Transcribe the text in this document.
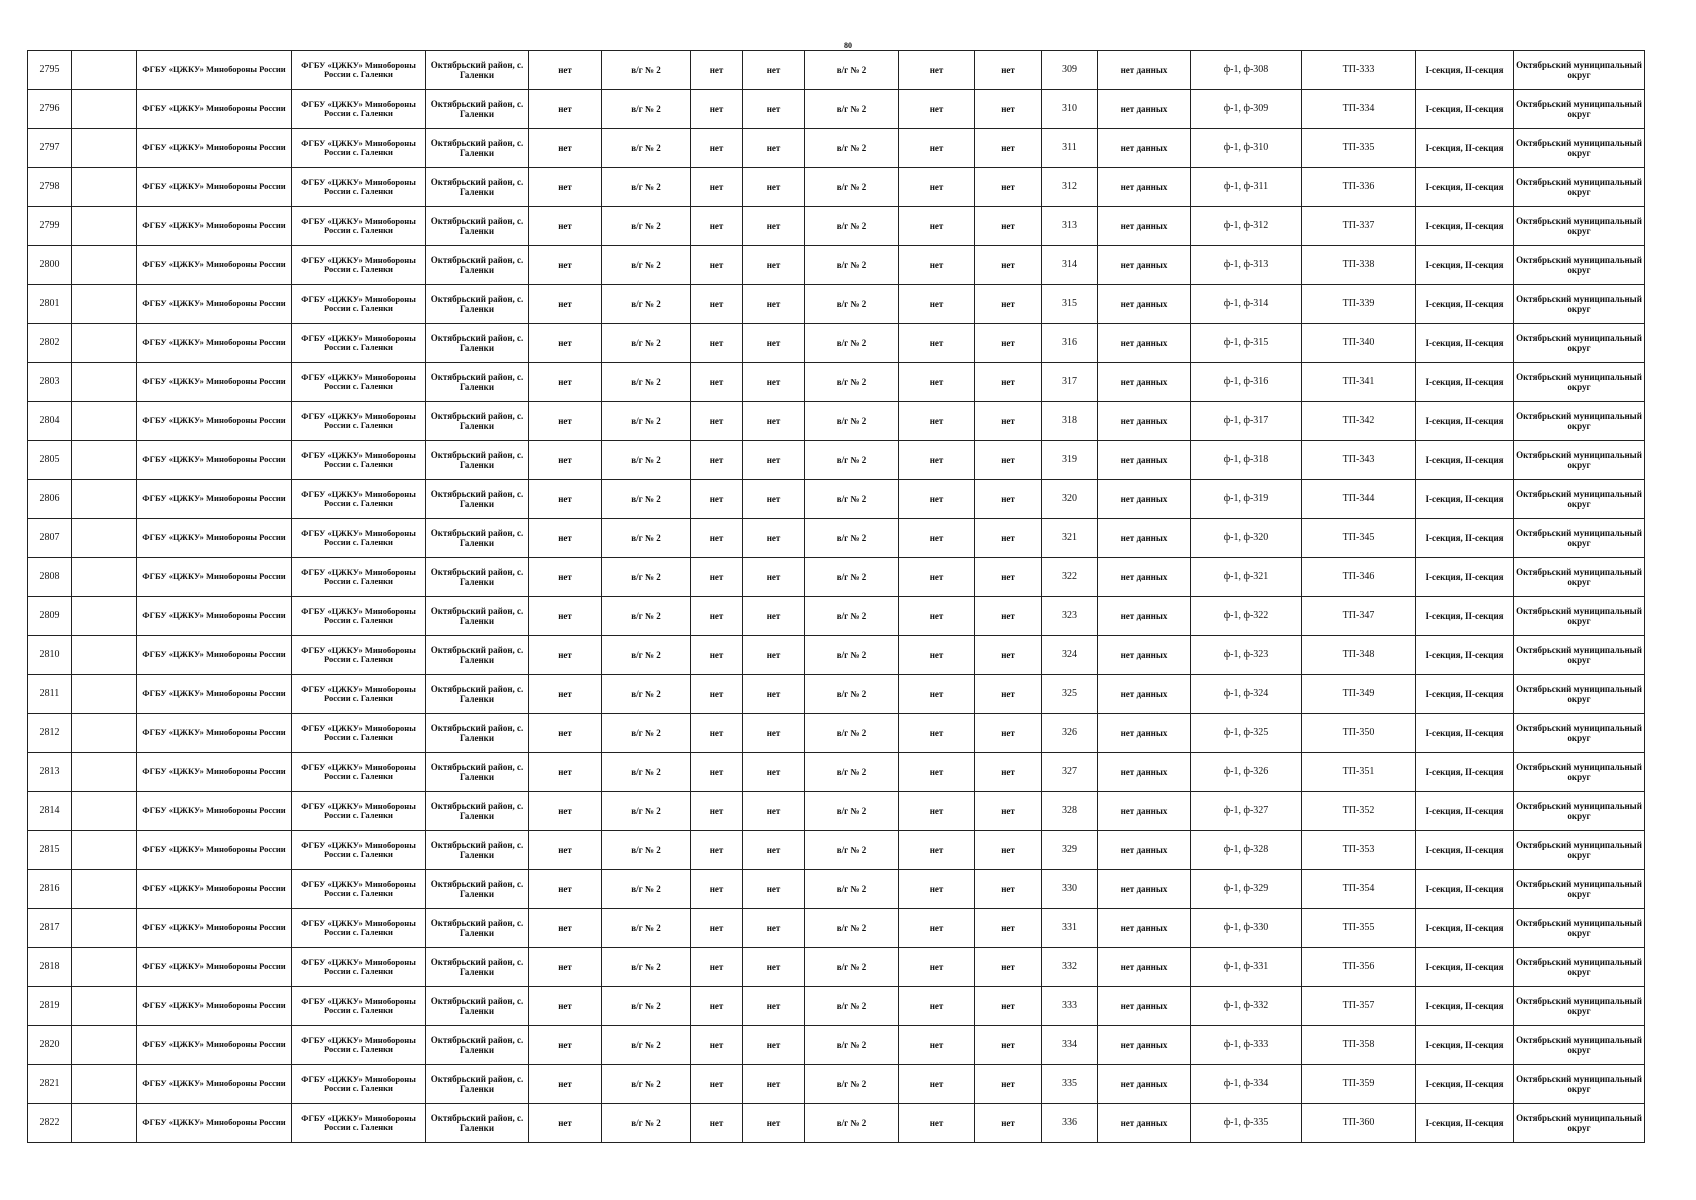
80
2795		ФГБУ «ЦЖКУ» Минобороны России	ФГБУ «ЦЖКУ» Минобороны России с. Галенки	Октябрьский район, с. Галенки	нет	в/г № 2	нет	нет	в/г № 2	нет	нет	309	нет данных	ф-1, ф-308	ТП-333	I-секция, II-секция	Октябрьский муниципальный округ
2796		ФГБУ «ЦЖКУ» Минобороны России	ФГБУ «ЦЖКУ» Минобороны России с. Галенки	Октябрьский район, с. Галенки	нет	в/г № 2	нет	нет	в/г № 2	нет	нет	310	нет данных	ф-1, ф-309	ТП-334	I-секция, II-секция	Октябрьский муниципальный округ
2797		ФГБУ «ЦЖКУ» Минобороны России	ФГБУ «ЦЖКУ» Минобороны России с. Галенки	Октябрьский район, с. Галенки	нет	в/г № 2	нет	нет	в/г № 2	нет	нет	311	нет данных	ф-1, ф-310	ТП-335	I-секция, II-секция	Октябрьский муниципальный округ
2798		ФГБУ «ЦЖКУ» Минобороны России	ФГБУ «ЦЖКУ» Минобороны России с. Галенки	Октябрьский район, с. Галенки	нет	в/г № 2	нет	нет	в/г № 2	нет	нет	312	нет данных	ф-1, ф-311	ТП-336	I-секция, II-секция	Октябрьский муниципальный округ
2799		ФГБУ «ЦЖКУ» Минобороны России	ФГБУ «ЦЖКУ» Минобороны России с. Галенки	Октябрьский район, с. Галенки	нет	в/г № 2	нет	нет	в/г № 2	нет	нет	313	нет данных	ф-1, ф-312	ТП-337	I-секция, II-секция	Октябрьский муниципальный округ
2800		ФГБУ «ЦЖКУ» Минобороны России	ФГБУ «ЦЖКУ» Минобороны России с. Галенки	Октябрьский район, с. Галенки	нет	в/г № 2	нет	нет	в/г № 2	нет	нет	314	нет данных	ф-1, ф-313	ТП-338	I-секция, II-секция	Октябрьский муниципальный округ
2801		ФГБУ «ЦЖКУ» Минобороны России	ФГБУ «ЦЖКУ» Минобороны России с. Галенки	Октябрьский район, с. Галенки	нет	в/г № 2	нет	нет	в/г № 2	нет	нет	315	нет данных	ф-1, ф-314	ТП-339	I-секция, II-секция	Октябрьский муниципальный округ
2802		ФГБУ «ЦЖКУ» Минобороны России	ФГБУ «ЦЖКУ» Минобороны России с. Галенки	Октябрьский район, с. Галенки	нет	в/г № 2	нет	нет	в/г № 2	нет	нет	316	нет данных	ф-1, ф-315	ТП-340	I-секция, II-секция	Октябрьский муниципальный округ
2803		ФГБУ «ЦЖКУ» Минобороны России	ФГБУ «ЦЖКУ» Минобороны России с. Галенки	Октябрьский район, с. Галенки	нет	в/г № 2	нет	нет	в/г № 2	нет	нет	317	нет данных	ф-1, ф-316	ТП-341	I-секция, II-секция	Октябрьский муниципальный округ
2804		ФГБУ «ЦЖКУ» Минобороны России	ФГБУ «ЦЖКУ» Минобороны России с. Галенки	Октябрьский район, с. Галенки	нет	в/г № 2	нет	нет	в/г № 2	нет	нет	318	нет данных	ф-1, ф-317	ТП-342	I-секция, II-секция	Октябрьский муниципальный округ
2805		ФГБУ «ЦЖКУ» Минобороны России	ФГБУ «ЦЖКУ» Минобороны России с. Галенки	Октябрьский район, с. Галенки	нет	в/г № 2	нет	нет	в/г № 2	нет	нет	319	нет данных	ф-1, ф-318	ТП-343	I-секция, II-секция	Октябрьский муниципальный округ
2806		ФГБУ «ЦЖКУ» Минобороны России	ФГБУ «ЦЖКУ» Минобороны России с. Галенки	Октябрьский район, с. Галенки	нет	в/г № 2	нет	нет	в/г № 2	нет	нет	320	нет данных	ф-1, ф-319	ТП-344	I-секция, II-секция	Октябрьский муниципальный округ
2807		ФГБУ «ЦЖКУ» Минобороны России	ФГБУ «ЦЖКУ» Минобороны России с. Галенки	Октябрьский район, с. Галенки	нет	в/г № 2	нет	нет	в/г № 2	нет	нет	321	нет данных	ф-1, ф-320	ТП-345	I-секция, II-секция	Октябрьский муниципальный округ
2808		ФГБУ «ЦЖКУ» Минобороны России	ФГБУ «ЦЖКУ» Минобороны России с. Галенки	Октябрьский район, с. Галенки	нет	в/г № 2	нет	нет	в/г № 2	нет	нет	322	нет данных	ф-1, ф-321	ТП-346	I-секция, II-секция	Октябрьский муниципальный округ
2809		ФГБУ «ЦЖКУ» Минобороны России	ФГБУ «ЦЖКУ» Минобороны России с. Галенки	Октябрьский район, с. Галенки	нет	в/г № 2	нет	нет	в/г № 2	нет	нет	323	нет данных	ф-1, ф-322	ТП-347	I-секция, II-секция	Октябрьский муниципальный округ
2810		ФГБУ «ЦЖКУ» Минобороны России	ФГБУ «ЦЖКУ» Минобороны России с. Галенки	Октябрьский район, с. Галенки	нет	в/г № 2	нет	нет	в/г № 2	нет	нет	324	нет данных	ф-1, ф-323	ТП-348	I-секция, II-секция	Октябрьский муниципальный округ
2811		ФГБУ «ЦЖКУ» Минобороны России	ФГБУ «ЦЖКУ» Минобороны России с. Галенки	Октябрьский район, с. Галенки	нет	в/г № 2	нет	нет	в/г № 2	нет	нет	325	нет данных	ф-1, ф-324	ТП-349	I-секция, II-секция	Октябрьский муниципальный округ
2812		ФГБУ «ЦЖКУ» Минобороны России	ФГБУ «ЦЖКУ» Минобороны России с. Галенки	Октябрьский район, с. Галенки	нет	в/г № 2	нет	нет	в/г № 2	нет	нет	326	нет данных	ф-1, ф-325	ТП-350	I-секция, II-секция	Октябрьский муниципальный округ
2813		ФГБУ «ЦЖКУ» Минобороны России	ФГБУ «ЦЖКУ» Минобороны России с. Галенки	Октябрьский район, с. Галенки	нет	в/г № 2	нет	нет	в/г № 2	нет	нет	327	нет данных	ф-1, ф-326	ТП-351	I-секция, II-секция	Октябрьский муниципальный округ
2814		ФГБУ «ЦЖКУ» Минобороны России	ФГБУ «ЦЖКУ» Минобороны России с. Галенки	Октябрьский район, с. Галенки	нет	в/г № 2	нет	нет	в/г № 2	нет	нет	328	нет данных	ф-1, ф-327	ТП-352	I-секция, II-секция	Октябрьский муниципальный округ
2815		ФГБУ «ЦЖКУ» Минобороны России	ФГБУ «ЦЖКУ» Минобороны России с. Галенки	Октябрьский район, с. Галенки	нет	в/г № 2	нет	нет	в/г № 2	нет	нет	329	нет данных	ф-1, ф-328	ТП-353	I-секция, II-секция	Октябрьский муниципальный округ
2816		ФГБУ «ЦЖКУ» Минобороны России	ФГБУ «ЦЖКУ» Минобороны России с. Галенки	Октябрьский район, с. Галенки	нет	в/г № 2	нет	нет	в/г № 2	нет	нет	330	нет данных	ф-1, ф-329	ТП-354	I-секция, II-секция	Октябрьский муниципальный округ
2817		ФГБУ «ЦЖКУ» Минобороны России	ФГБУ «ЦЖКУ» Минобороны России с. Галенки	Октябрьский район, с. Галенки	нет	в/г № 2	нет	нет	в/г № 2	нет	нет	331	нет данных	ф-1, ф-330	ТП-355	I-секция, II-секция	Октябрьский муниципальный округ
2818		ФГБУ «ЦЖКУ» Минобороны России	ФГБУ «ЦЖКУ» Минобороны России с. Галенки	Октябрьский район, с. Галенки	нет	в/г № 2	нет	нет	в/г № 2	нет	нет	332	нет данных	ф-1, ф-331	ТП-356	I-секция, II-секция	Октябрьский муниципальный округ
2819		ФГБУ «ЦЖКУ» Минобороны России	ФГБУ «ЦЖКУ» Минобороны России с. Галенки	Октябрьский район, с. Галенки	нет	в/г № 2	нет	нет	в/г № 2	нет	нет	333	нет данных	ф-1, ф-332	ТП-357	I-секция, II-секция	Октябрьский муниципальный округ
2820		ФГБУ «ЦЖКУ» Минобороны России	ФГБУ «ЦЖКУ» Минобороны России с. Галенки	Октябрьский район, с. Галенки	нет	в/г № 2	нет	нет	в/г № 2	нет	нет	334	нет данных	ф-1, ф-333	ТП-358	I-секция, II-секция	Октябрьский муниципальный округ
2821		ФГБУ «ЦЖКУ» Минобороны России	ФГБУ «ЦЖКУ» Минобороны России с. Галенки	Октябрьский район, с. Галенки	нет	в/г № 2	нет	нет	в/г № 2	нет	нет	335	нет данных	ф-1, ф-334	ТП-359	I-секция, II-секция	Октябрьский муниципальный округ
2822		ФГБУ «ЦЖКУ» Минобороны России	ФГБУ «ЦЖКУ» Минобороны России с. Галенки	Октябрьский район, с. Галенки	нет	в/г № 2	нет	нет	в/г № 2	нет	нет	336	нет данных	ф-1, ф-335	ТП-360	I-секция, II-секция	Октябрьский муниципальный округ
